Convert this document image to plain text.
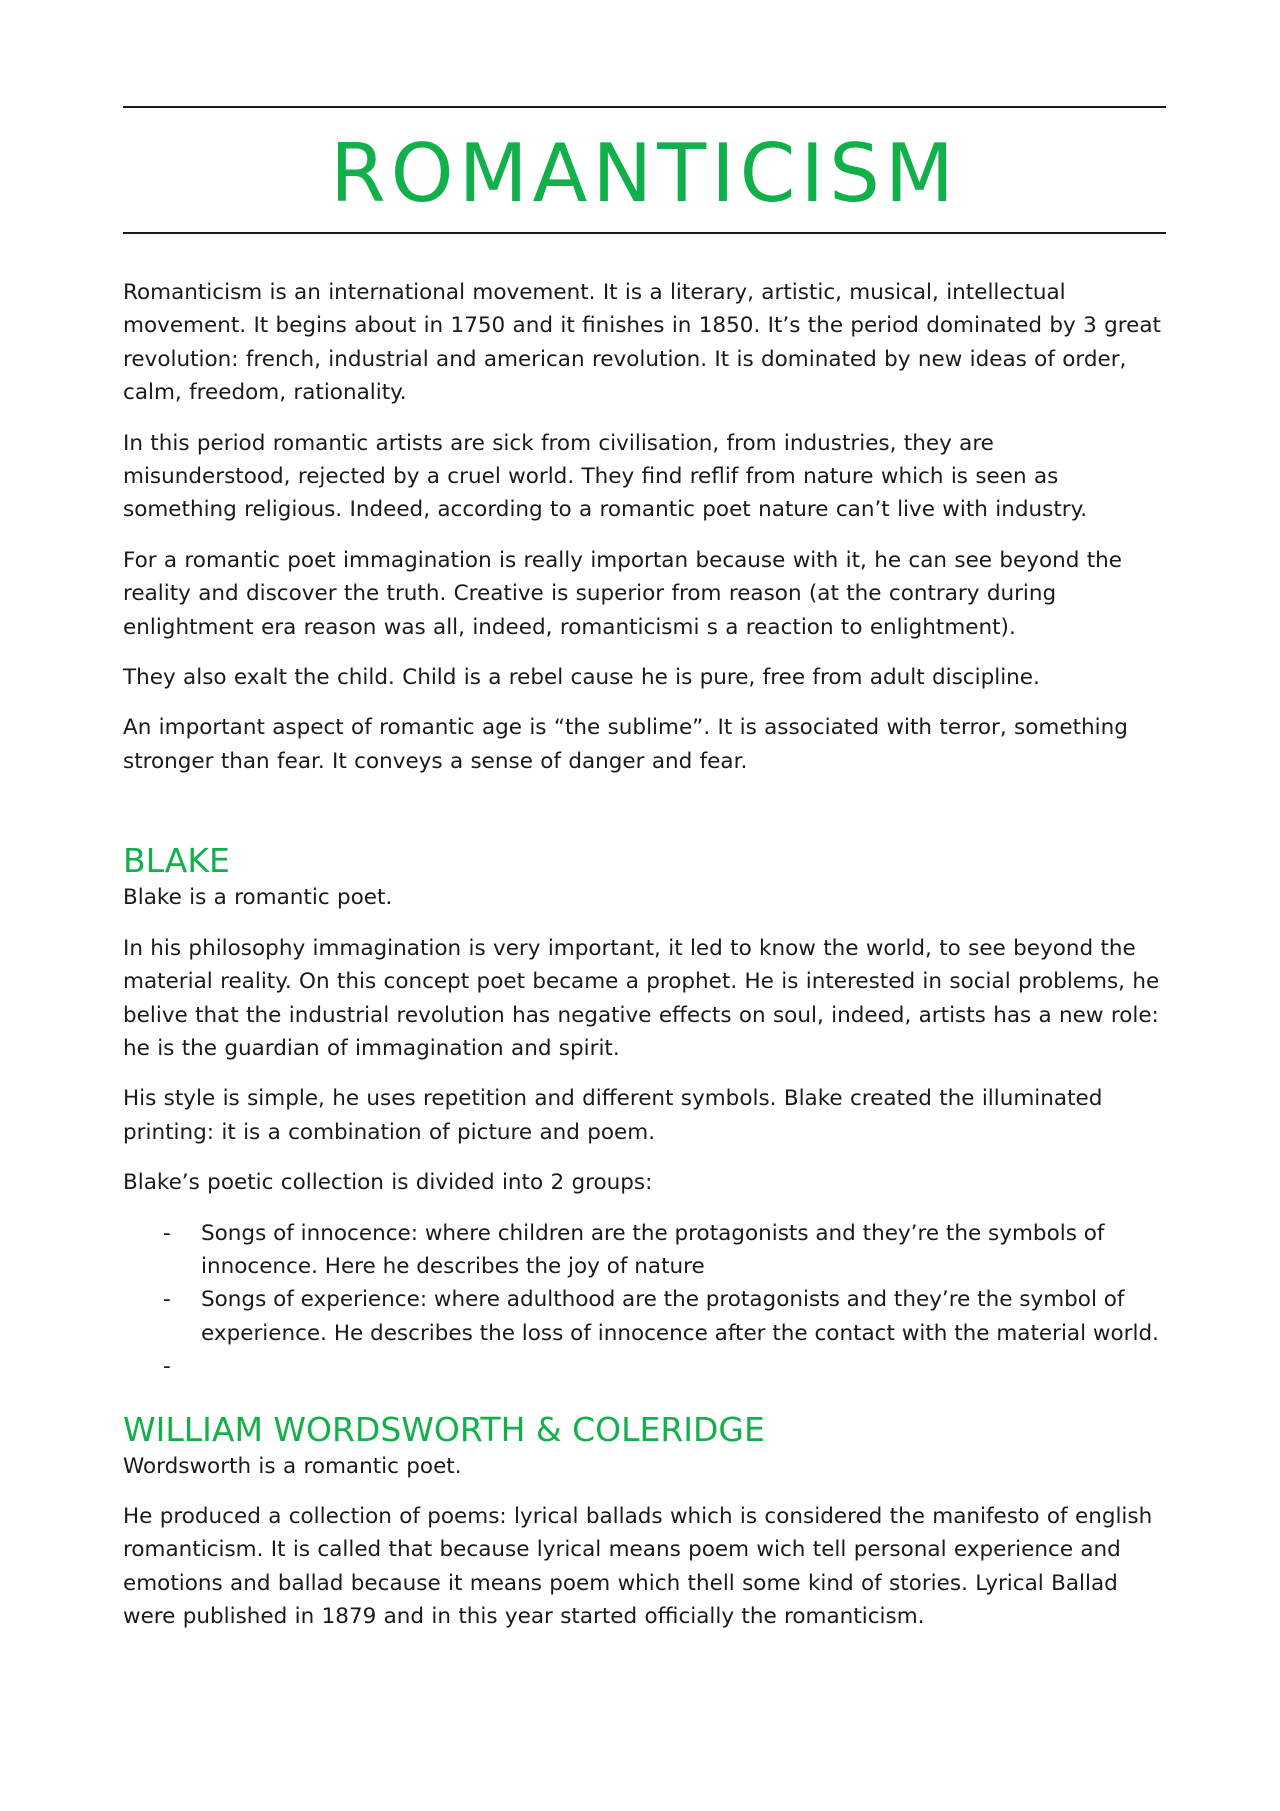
ROMANTICISM

Romanticism is an international movement. It is a literary, artistic, musical, intellectual movement. It begins about in 1750 and it finishes in 1850. It’s the period dominated by 3 great revolution: french, industrial and american revolution. It is dominated by new ideas of order, calm, freedom, rationality.

In this period romantic artists are sick from civilisation, from industries, they are misunderstood, rejected by a cruel world. They find reflif from nature which is seen as something religious. Indeed, according to a romantic poet nature can’t live with industry.

For a romantic poet immagination is really importan because with it, he can see beyond the reality and discover the truth. Creative is superior from reason (at the contrary during enlightment era reason was all, indeed, romanticismi s a reaction to enlightment).

They also exalt the child. Child is a rebel cause he is pure, free from adult discipline.

An important aspect of romantic age is “the sublime”. It is associated with terror, something stronger than fear. It conveys a sense of danger and fear.

BLAKE

Blake is a romantic poet.

In his philosophy immagination is very important, it led to know the world, to see beyond the material reality. On this concept poet became a prophet. He is interested in social problems, he belive that the industrial revolution has negative effects on soul, indeed, artists has a new role: he is the guardian of immagination and spirit.

His style is simple, he uses repetition and different symbols. Blake created the illuminated printing: it is a combination of picture and poem.

Blake’s poetic collection is divided into 2 groups:

- Songs of innocence: where children are the protagonists and they’re the symbols of innocence. Here he describes the joy of nature
- Songs of experience: where adulthood are the protagonists and they’re the symbol of experience. He describes the loss of innocence after the contact with the material world.
-

WILLIAM WORDSWORTH & COLERIDGE

Wordsworth is a romantic poet.

He produced a collection of poems: lyrical ballads which is considered the manifesto of english romanticism. It is called that because lyrical means poem wich tell personal experience and emotions and ballad because it means poem which thell some kind of stories. Lyrical Ballad were published in 1879 and in this year started officially the romanticism.
